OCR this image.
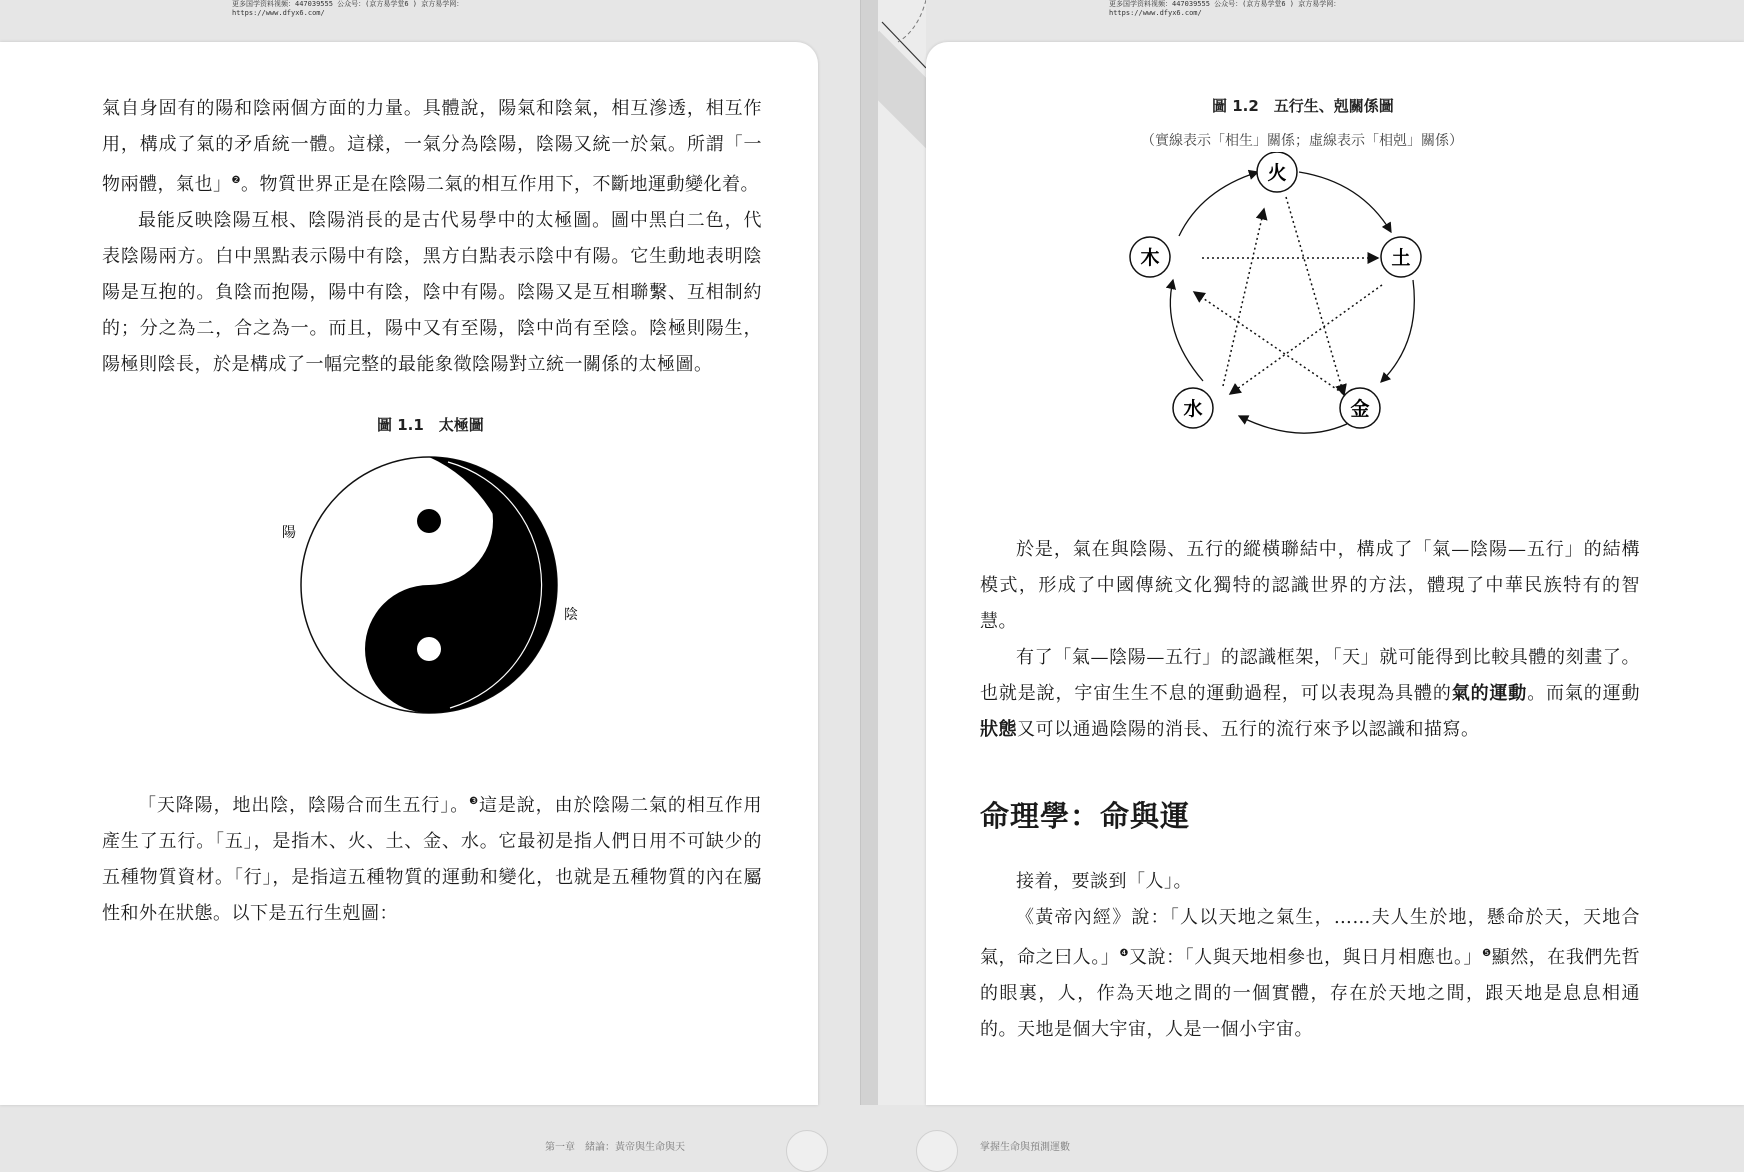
更多国学资料视频：447039555 公众号：(京方易学堂6 ) 京方易学网：
https://www.dfyx6.com/
更多国学资料视频：447039555 公众号：(京方易学堂6 ) 京方易学网：
https://www.dfyx6.com/

氣自身固有的陽和陰兩個方面的力量。具體說，陽氣和陰氣，相互滲透，相互作用，構成了氣的矛盾統一體。這樣，一氣分為陰陽，陰陽又統一於氣。所謂「一物兩體，氣也」$^❷$。物質世界正是在陰陽二氣的相互作用下，不斷地運動變化着。

最能反映陰陽互根、陰陽消長的是古代易學中的太極圖。圖中黑白二色，代表陰陽兩方。白中黑點表示陽中有陰，黑方白點表示陰中有陽。它生動地表明陰陽是互抱的。負陰而抱陽，陽中有陰，陰中有陽。陰陽又是互相聯繫、互相制約的；分之為二，合之為一。而且，陽中又有至陽，陰中尚有至陰。陰極則陽生，陽極則陰長，於是構成了一幅完整的最能象徵陰陽對立統一關係的太極圖。

圖 1.1　太極圖
陽
陰

「天降陽，地出陰，陰陽合而生五行」。$^❸$這是說，由於陰陽二氣的相互作用產生了五行。「五」，是指木、火、土、金、水。它最初是指人們日用不可缺少的五種物質資材。「行」，是指這五種物質的運動和變化，也就是五種物質的內在屬性和外在狀態。以下是五行生剋圖：

第一章　緒論：黃帝與生命與天
圖 1.2　五行生、剋關係圖
（實線表示「相生」關係；虛線表示「相剋」關係）
火
土
金
水
木

於是，氣在與陰陽、五行的縱橫聯結中，構成了「氣—陰陽—五行」的結構模式，形成了中國傳統文化獨特的認識世界的方法，體現了中華民族特有的智慧。

有了「氣—陰陽—五行」的認識框架，「天」就可能得到比較具體的刻畫了。也就是說，宇宙生生不息的運動過程，可以表現為具體的氣的運動。而氣的運動狀態又可以通過陰陽的消長、五行的流行來予以認識和描寫。

命理學：命與運

接着，要談到「人」。

《黃帝內經》說：「人以天地之氣生，……夫人生於地，懸命於天，天地合氣，命之曰人。」$^❹$又說：「人與天地相參也，與日月相應也。」$^❺$顯然，在我們先哲的眼裏，人，作為天地之間的一個實體，存在於天地之間，跟天地是息息相通的。天地是個大宇宙，人是一個小宇宙。

掌握生命與預測運數
